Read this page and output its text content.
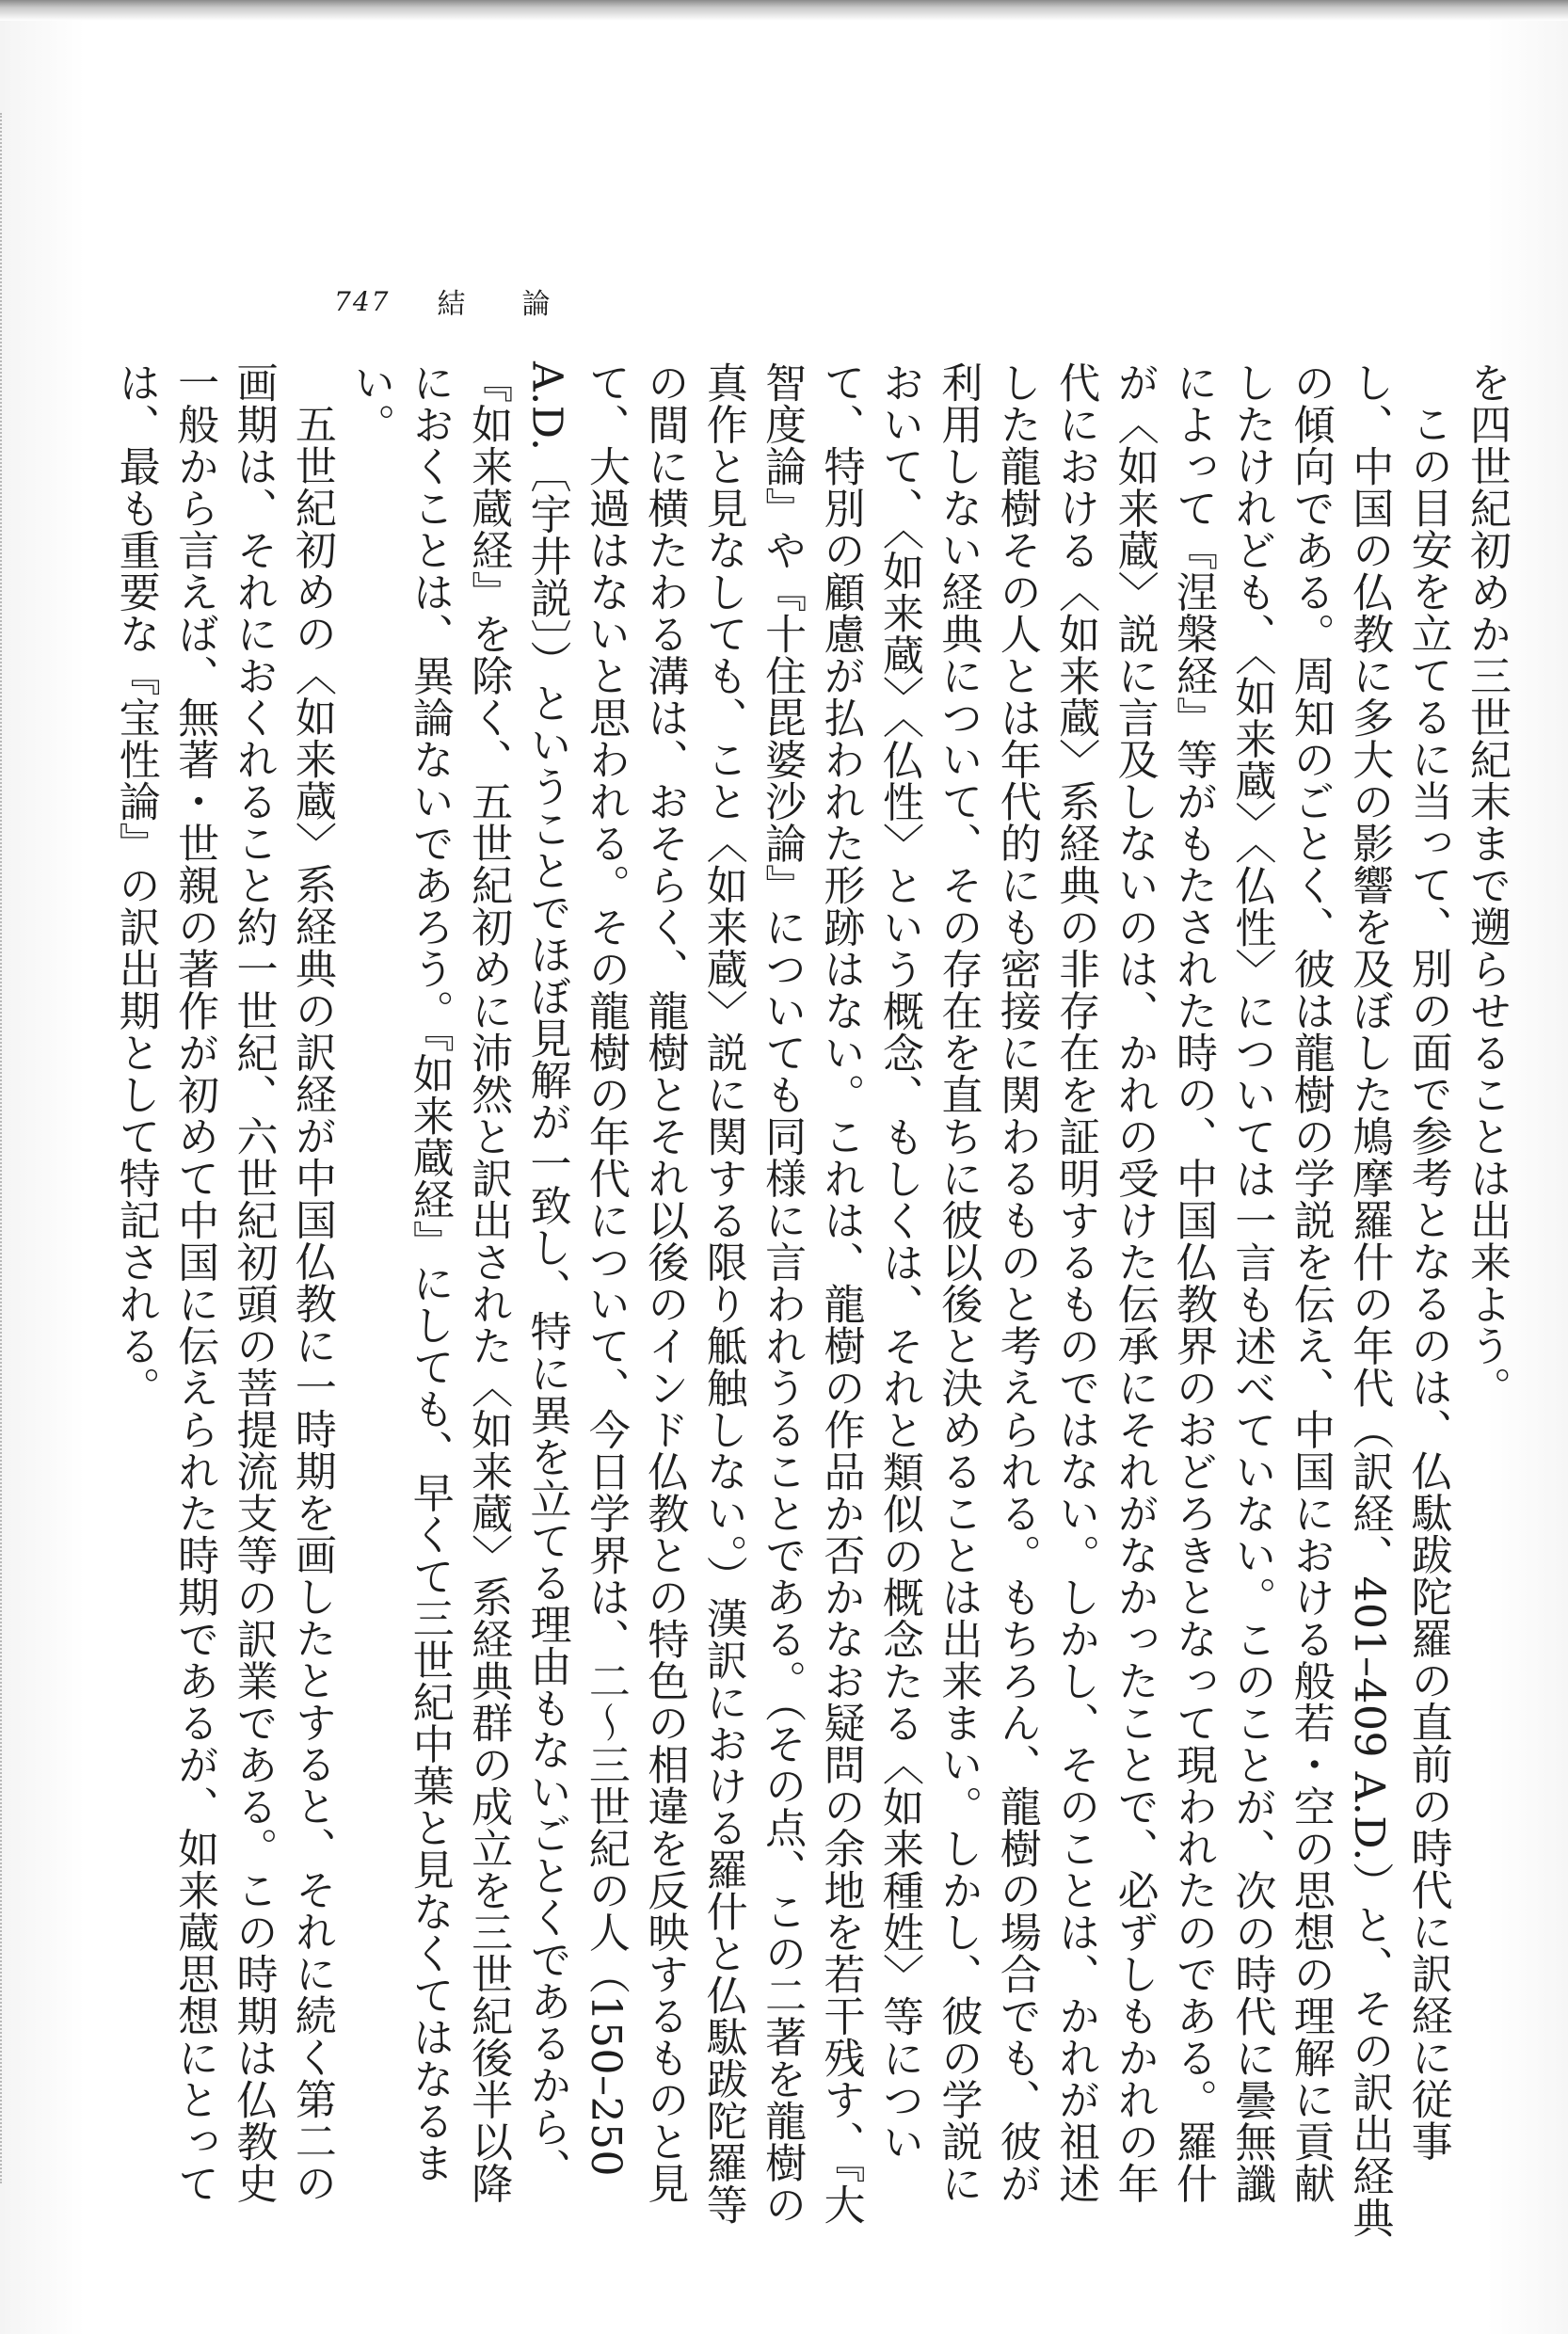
747 結 論

を四世紀初めか三世紀末まで遡らせることは出来よう。

この目安を立てるに当って、別の面で参考となるのは、仏駄跋陀羅の直前の時代に訳経に従事し、中国の仏教に多大の影響を及ぼした鳩摩羅什の年代（訳経、401–409 A.D.）と、その訳出経典の傾向である。周知のごとく、彼は龍樹の学説を伝え、中国における般若・空の思想の理解に貢献したけれども、〈如来蔵〉〈仏性〉については一言も述べていない。このことが、次の時代に曇無讖によって『涅槃経』等がもたされた時の、中国仏教界のおどろきとなって現われたのである。羅什が〈如来蔵〉説に言及しないのは、かれの受けた伝承にそれがなかったことで、必ずしもかれの年代における〈如来蔵〉系経典の非存在を証明するものではない。しかし、そのことは、かれが祖述した龍樹その人とは年代的にも密接に関わるものと考えられる。もちろん、龍樹の場合でも、彼が利用しない経典について、その存在を直ちに彼以後と決めることは出来まい。しかし、彼の学説において、〈如来蔵〉〈仏性〉という概念、もしくは、それと類似の概念たる〈如来種姓〉等について、特別の顧慮が払われた形跡はない。これは、龍樹の作品か否かなお疑問の余地を若干残す、『大智度論』や『十住毘婆沙論』についても同様に言われうることである。（その点、この二著を龍樹の真作と見なしても、こと〈如来蔵〉説に関する限り觝触しない。）漢訳における羅什と仏駄跋陀羅等の間に横たわる溝は、おそらく、龍樹とそれ以後のインド仏教との特色の相違を反映するものと見て、大過はないと思われる。その龍樹の年代について、今日学界は、二〜三世紀の人（150–250 A.D.〔宇井説〕）ということでほぼ見解が一致し、特に異を立てる理由もないごとくであるから、『如来蔵経』を除く、五世紀初めに沛然と訳出された〈如来蔵〉系経典群の成立を三世紀後半以降におくことは、異論ないであろう。『如来蔵経』にしても、早くて三世紀中葉と見なくてはなるまい。

五世紀初めの〈如来蔵〉系経典の訳経が中国仏教に一時期を画したとすると、それに続く第二の画期は、それにおくれること約一世紀、六世紀初頭の菩提流支等の訳業である。この時期は仏教史一般から言えば、無著・世親の著作が初めて中国に伝えられた時期であるが、如来蔵思想にとっては、最も重要な『宝性論』の訳出期として特記される。
